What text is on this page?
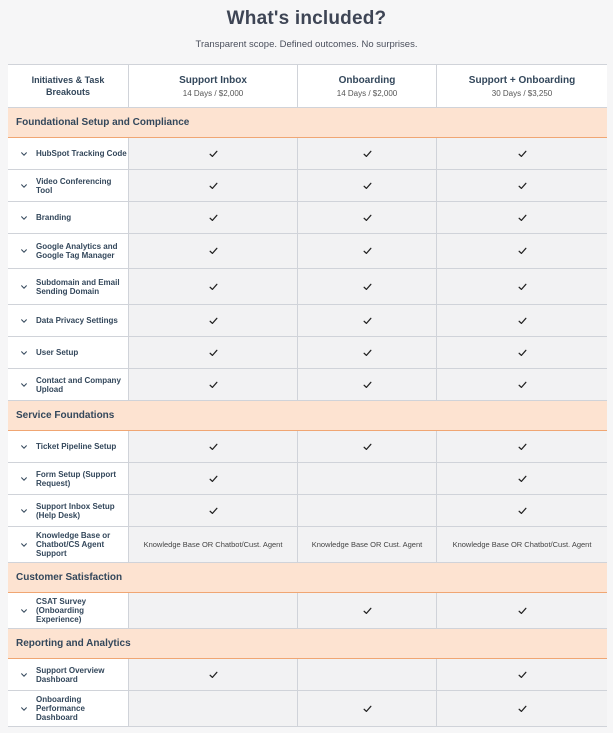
What's included?
Transparent scope. Defined outcomes. No surprises.
Initiatives & Task Breakouts
Support Inbox
14 Days / $2,000
Onboarding
14 Days / $2,000
Support + Onboarding
30 Days / $3,250
Foundational Setup and Compliance
HubSpot Tracking Code
Video Conferencing Tool
Branding
Google Analytics and Google Tag Manager
Subdomain and Email Sending Domain
Data Privacy Settings
User Setup
Contact and Company Upload
Service Foundations
Ticket Pipeline Setup
Form Setup (Support Request)
Support Inbox Setup (Help Desk)
Knowledge Base or Chatbot/CS Agent Support
Knowledge Base OR Chatbot/Cust. Agent	Knowledge Base OR Cust. Agent	Knowledge Base OR Chatbot/Cust. Agent
Customer Satisfaction
CSAT Survey (Onboarding Experience)
Reporting and Analytics
Support Overview Dashboard
Onboarding Performance Dashboard
